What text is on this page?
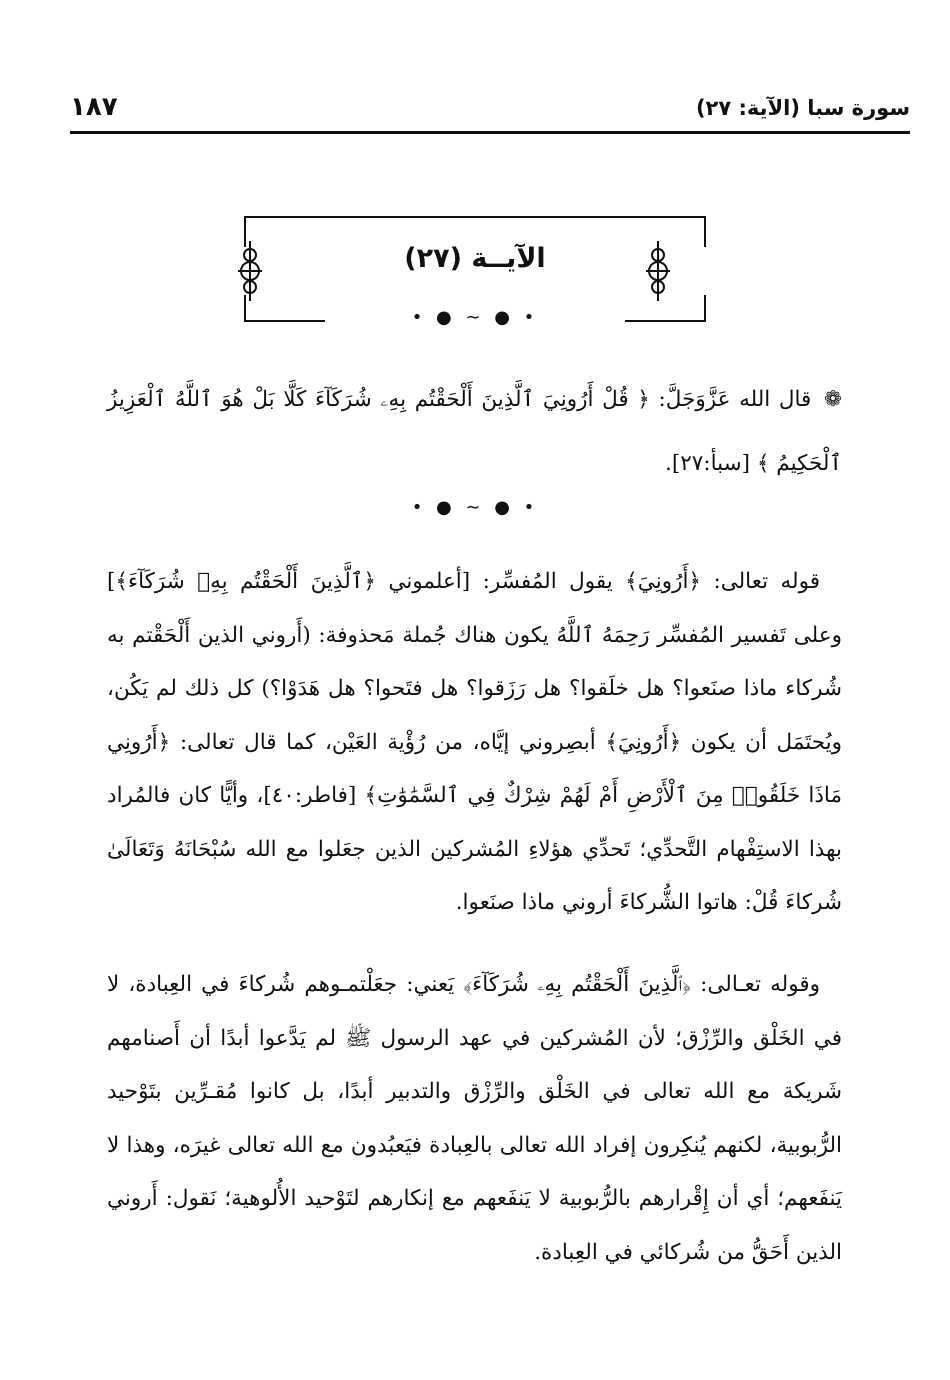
سورة سبا (الآية: ٢٧)
١٨٧
الآيــة (٢٧)
• ● ∽ ● •
❁ قال الله عَزَّوَجَلَّ: ﴿ قُلْ أَرُونِيَ ٱلَّذِينَ أَلْحَقْتُم بِهِۦ شُرَكَآءَ كَلَّا بَلْ هُوَ ٱللَّهُ ٱلْعَزِيزُ ٱلْحَكِيمُ ﴾ [سبأ:٢٧].
• ● ∽ ● •
قوله تعالى: ﴿أَرُونِيَ﴾ يقول المُفسِّر: [أعلموني ﴿ٱلَّذِينَ أَلْحَقْتُم بِهِۦ شُرَكَآءَ﴾] وعلى تَفسير المُفسِّر رَحِمَهُ ٱللَّهُ يكون هناك جُملة مَحذوفة: (أَروني الذين أَلْحَقْتم به شُركاء ماذا صنَعوا؟ هل خلَقوا؟ هل رَزَقوا؟ هل فتَحوا؟ هل هَدَوْا؟) كل ذلك لم يَكُن، ويُحتَمَل أن يكون ﴿أَرُونِيَ﴾ أبصِروني إيَّاه، من رُؤْية العَيْن، كما قال تعالى: ﴿أَرُونِي مَاذَا خَلَقُوا۟ مِنَ ٱلْأَرْضِ أَمْ لَهُمْ شِرْكٌ فِي ٱلسَّمَٰوَٰتِ﴾ [فاطر:٤٠]، وأيًّا كان فالمُراد بهذا الاستِفْهام التَّحدِّي؛ تَحدِّي هؤلاءِ المُشركين الذين جعَلوا مع الله سُبْحَانَهُ وَتَعَالَىٰ شُركاءَ قُلْ: هاتوا الشُّركاءَ أروني ماذا صنَعوا.
وقوله تعـالى: ﴿ٱلَّذِينَ أَلْحَقْتُم بِهِۦ شُرَكَآءَ﴾ يَعني: جعَلْتمـوهم شُركاءَ في العِبادة، لا في الخَلْق والرِّزْق؛ لأن المُشركين في عهد الرسول ﷺ لم يَدَّعوا أبدًا أن أَصنامهم شَريكة مع الله تعالى في الخَلْق والرِّزْق والتدبير أبدًا، بل كانوا مُقـرِّين بتَوْحيد الرُّبوبية، لكنهم يُنكِرون إفراد الله تعالى بالعِبادة فيَعبُدون مع الله تعالى غيرَه، وهذا لا يَنفَعهم؛ أي أن إِقْرارهم بالرُّبوبية لا يَنفَعهم مع إنكارهم لتَوْحيد الأُلوهية؛ نَقول: أَروني الذين أَحَقُّ من شُركائي في العِبادة.
